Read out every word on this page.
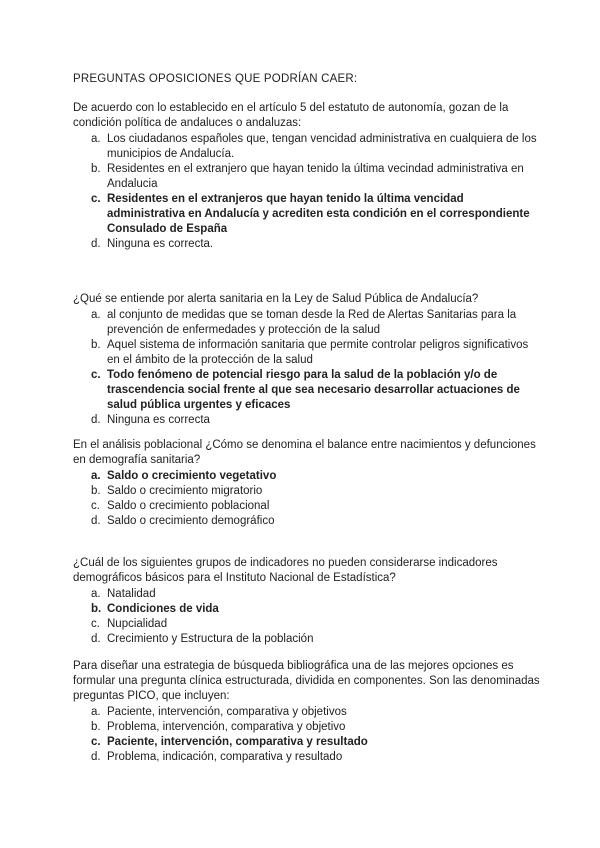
PREGUNTAS OPOSICIONES QUE PODRÍAN CAER:
De acuerdo con lo establecido en el artículo 5 del estatuto de autonomía, gozan de la condición política de andaluces o andaluzas:
a. Los ciudadanos españoles que, tengan vencidad administrativa en cualquiera de los municipios de Andalucía.
b. Residentes en el extranjero que hayan tenido la última vecindad administrativa en Andalucia
c. Residentes en el extranjeros que hayan tenido la última vencidad administrativa en Andalucía y acrediten esta condición en el correspondiente Consulado de España
d. Ninguna es correcta.
¿Qué se entiende por alerta sanitaria en la Ley de Salud Pública de Andalucía?
a. al conjunto de medidas que se toman desde la Red de Alertas Sanitarias para la prevención de enfermedades y protección de la salud
b. Aquel sistema de información sanitaria que permite controlar peligros significativos en el ámbito de la protección de la salud
c. Todo fenómeno de potencial riesgo para la salud de la población y/o de trascendencia social frente al que sea necesario desarrollar actuaciones de salud pública urgentes y eficaces
d. Ninguna es correcta
En el análisis poblacional ¿Cómo se denomina el balance entre nacimientos y defunciones en demografía sanitaria?
a. Saldo o crecimiento vegetativo
b. Saldo o crecimiento migratorio
c. Saldo o crecimiento poblacional
d. Saldo o crecimiento demográfico
¿Cuál de los siguientes grupos de indicadores no pueden considerarse indicadores demográficos básicos para el Instituto Nacional de Estadística?
a. Natalidad
b. Condiciones de vida
c. Nupcialidad
d. Crecimiento y Estructura de la población
Para diseñar una estrategia de búsqueda bibliográfica una de las mejores opciones es formular una pregunta clínica estructurada, dividida en componentes. Son las denominadas preguntas PICO, que incluyen:
a. Paciente, intervención, comparativa y objetivos
b. Problema, intervención, comparativa y objetivo
c. Paciente, intervención, comparativa y resultado
d. Problema, indicación, comparativa y resultado
